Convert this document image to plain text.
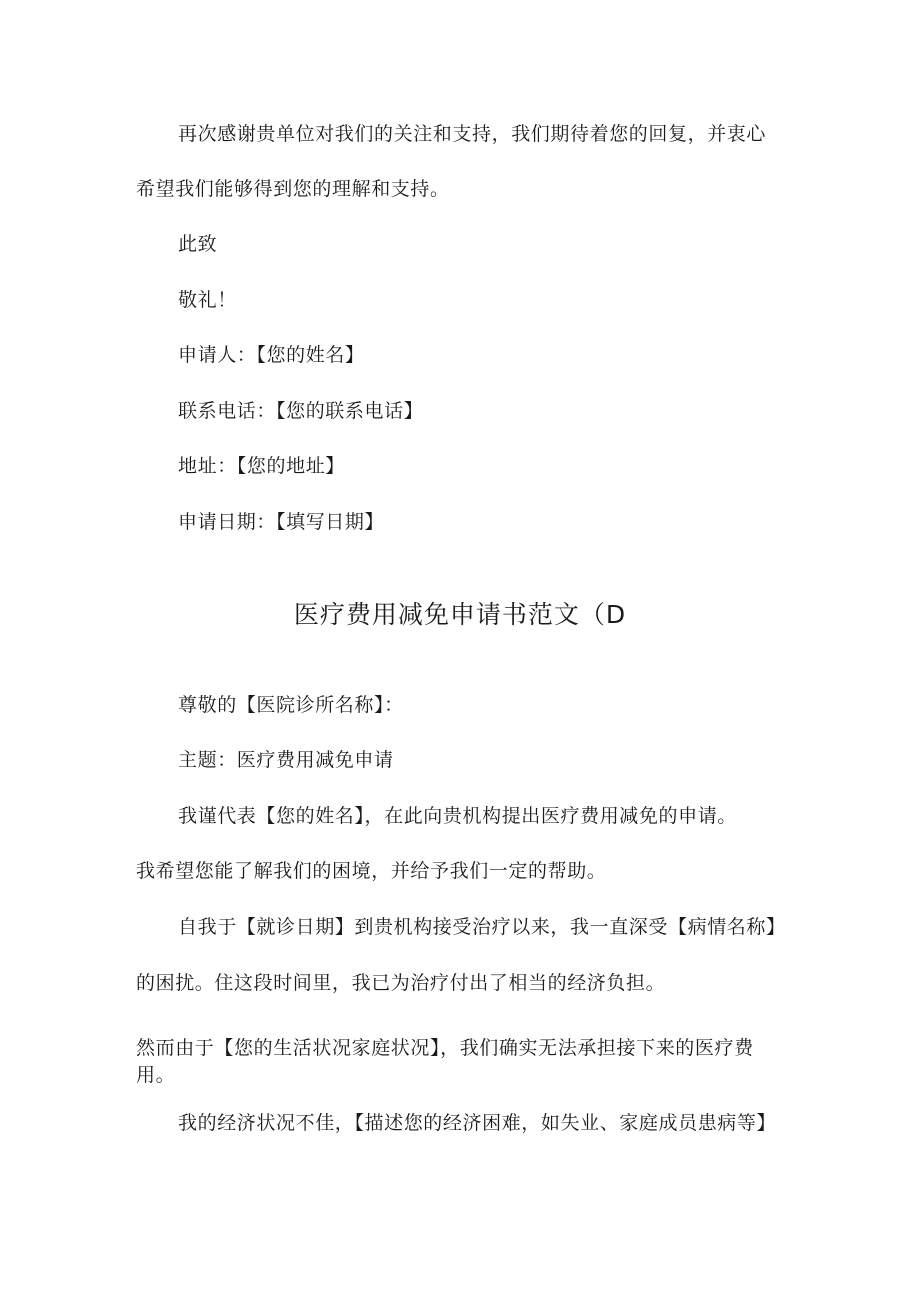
再次感谢贵单位对我们的关注和支持，我们期待着您的回复，并衷心
希望我们能够得到您的理解和支持。
此致
敬礼！
申请人：【您的姓名】
联系电话：【您的联系电话】
地址：【您的地址】
申请日期：【填写日期】
医疗费用减免申请书范文（D
尊敬的【医院诊所名称】：
主题：医疗费用减免申请
我谨代表【您的姓名】，在此向贵机构提出医疗费用减免的申请。
我希望您能了解我们的困境，并给予我们一定的帮助。
自我于【就诊日期】到贵机构接受治疗以来，我一直深受【病情名称】
的困扰。住这段时间里，我已为治疗付出了相当的经济负担。
然而由于【您的生活状况家庭状况】，我们确实无法承担接下来的医疗费
用。
我的经济状况不佳，【描述您的经济困难，如失业、家庭成员患病等】
